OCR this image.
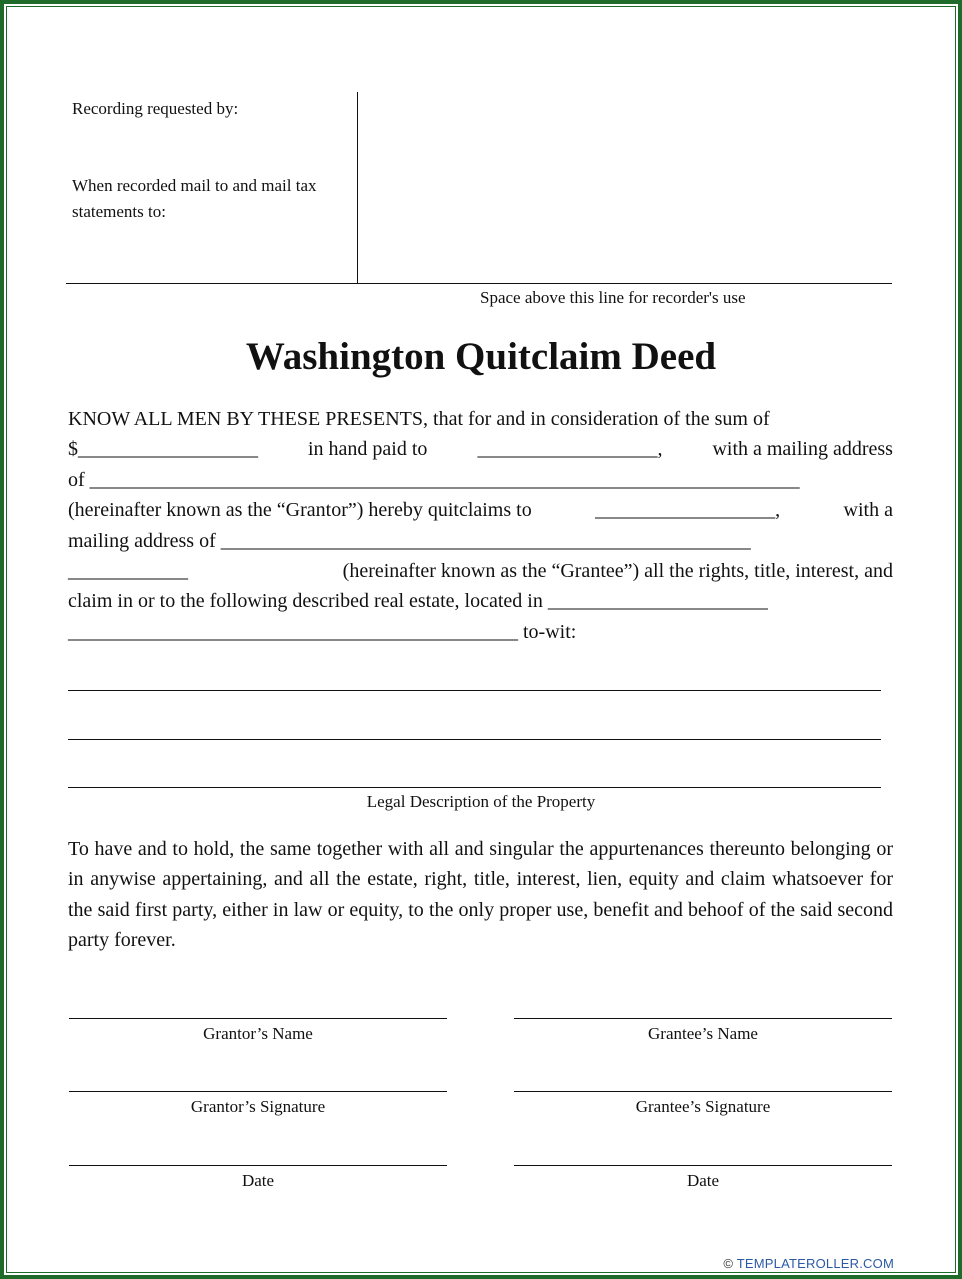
Recording requested by:
When recorded mail to and mail tax statements to:
Space above this line for recorder's use
Washington Quitclaim Deed
KNOW ALL MEN BY THESE PRESENTS, that for and in consideration of the sum of
$__________________	in hand paid to	__________________,	with a mailing address
of _______________________________________________________________________
(hereinafter known as the “Grantor”) hereby quitclaims to	__________________,	with a
mailing address of _____________________________________________________
____________	(hereinafter known as the “Grantee”) all the rights, title, interest, and
claim in or to the following described real estate, located in ______________________
_____________________________________________ to-wit:
Legal Description of the Property
To have and to hold, the same together with all and singular the appurtenances thereunto belonging or in anywise appertaining, and all the estate, right, title, interest, lien, equity and claim whatsoever for the said first party, either in law or equity, to the only proper use, benefit and behoof of the said second party forever.
Grantor’s Name	Grantee’s Name
Grantor’s Signature	Grantee’s Signature
Date	Date
© TEMPLATEROLLER.COM
